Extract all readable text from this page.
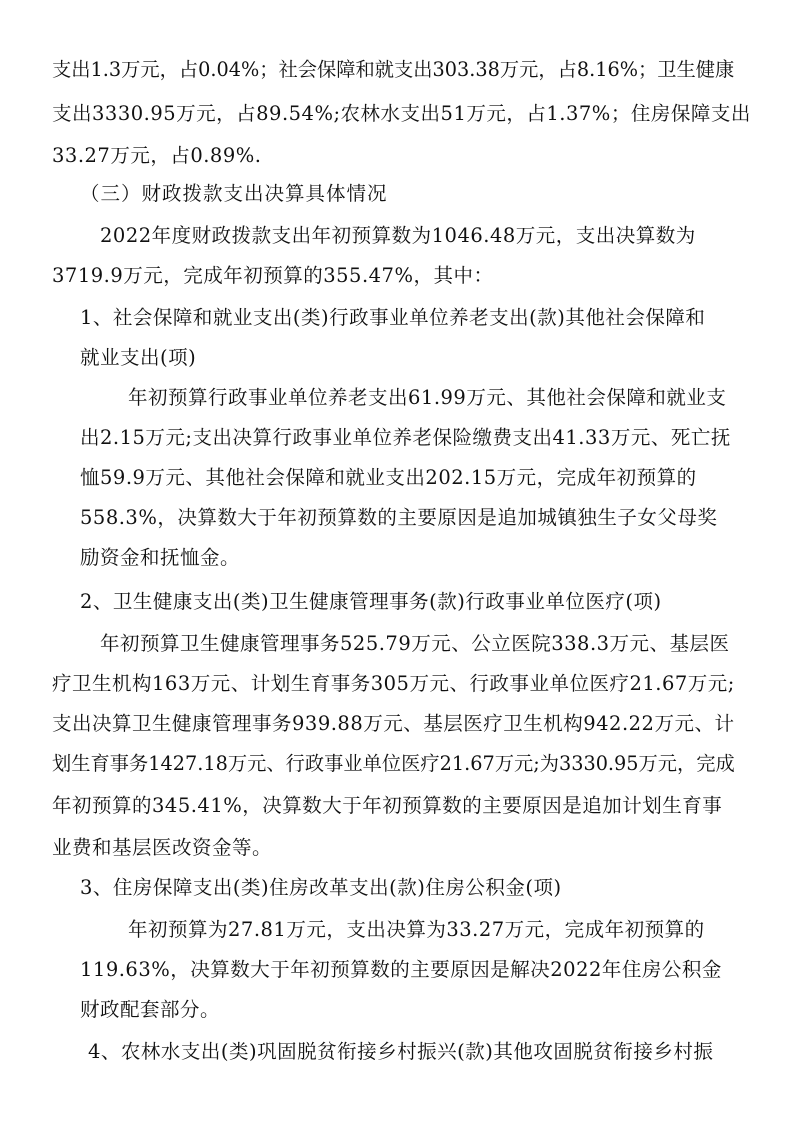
支出1.3万元，占0.04%；社会保障和就支出303.38万元，占8.16%；卫生健康
支出3330.95万元，占89.54%;农林水支出51万元，占1.37%；住房保障支出
33.27万元，占0.89%.
（三）财政拨款支出决算具体情况
2022年度财政拨款支出年初预算数为1046.48万元，支出决算数为
3719.9万元，完成年初预算的355.47%，其中：
1、社会保障和就业支出(类)行政事业单位养老支出(款)其他社会保障和
就业支出(项)
年初预算行政事业单位养老支出61.99万元、其他社会保障和就业支
出2.15万元;支出决算行政事业单位养老保险缴费支出41.33万元、死亡抚
恤59.9万元、其他社会保障和就业支出202.15万元，完成年初预算的
558.3%，决算数大于年初预算数的主要原因是追加城镇独生子女父母奖
励资金和抚恤金。
2、卫生健康支出(类)卫生健康管理事务(款)行政事业单位医疗(项)
年初预算卫生健康管理事务525.79万元、公立医院338.3万元、基层医
疗卫生机构163万元、计划生育事务305万元、行政事业单位医疗21.67万元;
支出决算卫生健康管理事务939.88万元、基层医疗卫生机构942.22万元、计
划生育事务1427.18万元、行政事业单位医疗21.67万元;为3330.95万元，完成
年初预算的345.41%，决算数大于年初预算数的主要原因是追加计划生育事
业费和基层医改资金等。
3、住房保障支出(类)住房改革支出(款)住房公积金(项)
年初预算为27.81万元，支出决算为33.27万元，完成年初预算的
119.63%，决算数大于年初预算数的主要原因是解决2022年住房公积金
财政配套部分。
4、农林水支出(类)巩固脱贫衔接乡村振兴(款)其他攻固脱贫衔接乡村振
